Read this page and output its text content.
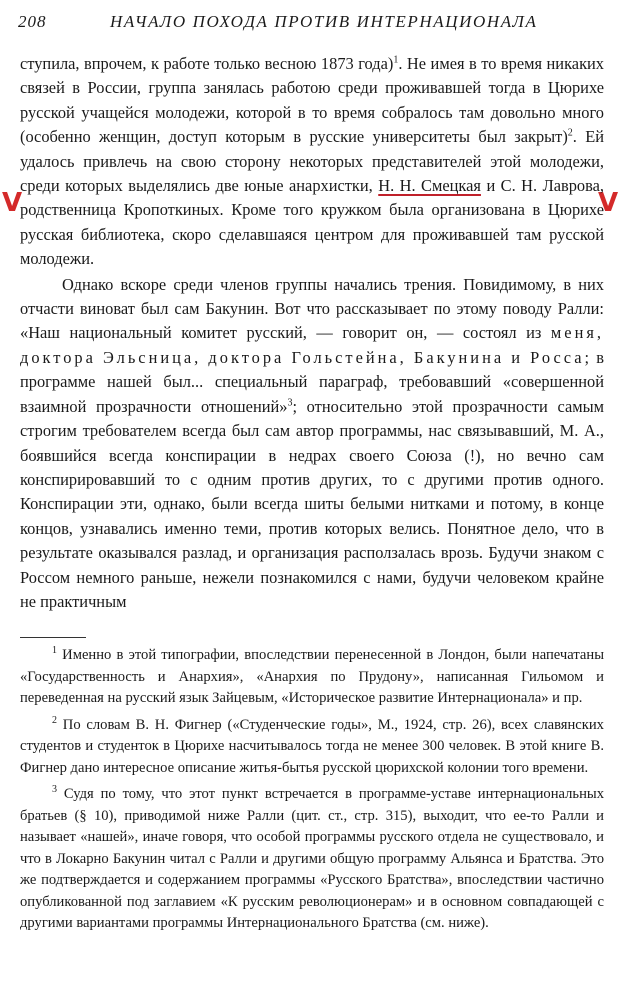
208	НАЧАЛО ПОХОДА ПРОТИВ ИНТЕРНАЦИОНАЛА
V	V

ступила, впрочем, к работе только весною 1873 года)$^1$. Не имея в то время никаких связей в России, группа занялась работою среди проживавшей тогда в Цюрихе русской учащейся молодежи, которой в то время собралось там довольно много (особенно женщин, доступ которым в русские университеты был закрыт)$^2$. Ей удалось привлечь на свою сторону некоторых представителей этой молодежи, среди которых выделялись две юные анархистки, Н. Н. Смецкая и С. Н. Лаврова, родственница Кропоткиных. Кроме того кружком была организована в Цюрихе русская библиотека, скоро сделавшаяся центром для проживавшей там русской молодежи.

Однако вскоре среди членов группы начались трения. Повидимому, в них отчасти виноват был сам Бакунин. Вот что рассказывает по этому поводу Ралли: «Наш национальный комитет русский, — говорит он, — состоял из меня, доктора Эльсница, доктора Гольстейна, Бакунина и Росса; в программе нашей был... специальный параграф, требовавший «совершенной взаимной прозрачности отношений»$^3$; относительно этой прозрачности самым строгим требователем всегда был сам автор программы, нас связывавший, М. А., боявшийся всегда конспирации в недрах своего Союза (!), но вечно сам конспирировавший то с одним против других, то с другими против одного. Конспирации эти, однако, были всегда шиты белыми нитками и потому, в конце концов, узнавались именно теми, против которых велись. Понятное дело, что в результате оказывался разлад, и организация расползалась врозь. Будучи знаком с Россом немного раньше, нежели познакомился с нами, будучи человеком крайне не практичным

$^1$ Именно в этой типографии, впоследствии перенесенной в Лондон, были напечатаны «Государственность и Анархия», «Анархия по Прудону», написанная Гильомом и переведенная на русский язык Зайцевым, «Историческое развитие Интернационала» и пр.

$^2$ По словам В. Н. Фигнер («Студенческие годы», М., 1924, стр. 26), всех славянских студентов и студенток в Цюрихе насчитывалось тогда не менее 300 человек. В этой книге В. Фигнер дано интересное описание житья-бытья русской цюрихской колонии того времени.

$^3$ Судя по тому, что этот пункт встречается в программе-уставе интернациональных братьев (§ 10), приводимой ниже Ралли (цит. ст., стр. 315), выходит, что ее-то Ралли и называет «нашей», иначе говоря, что особой программы русского отдела не существовало, и что в Локарно Бакунин читал с Ралли и другими общую программу Альянса и Братства. Это же подтверждается и содержанием программы «Русского Братства», впоследствии частично опубликованной под заглавием «К русским революционерам» и в основном совпадающей с другими вариантами программы Интернационального Братства (см. ниже).
